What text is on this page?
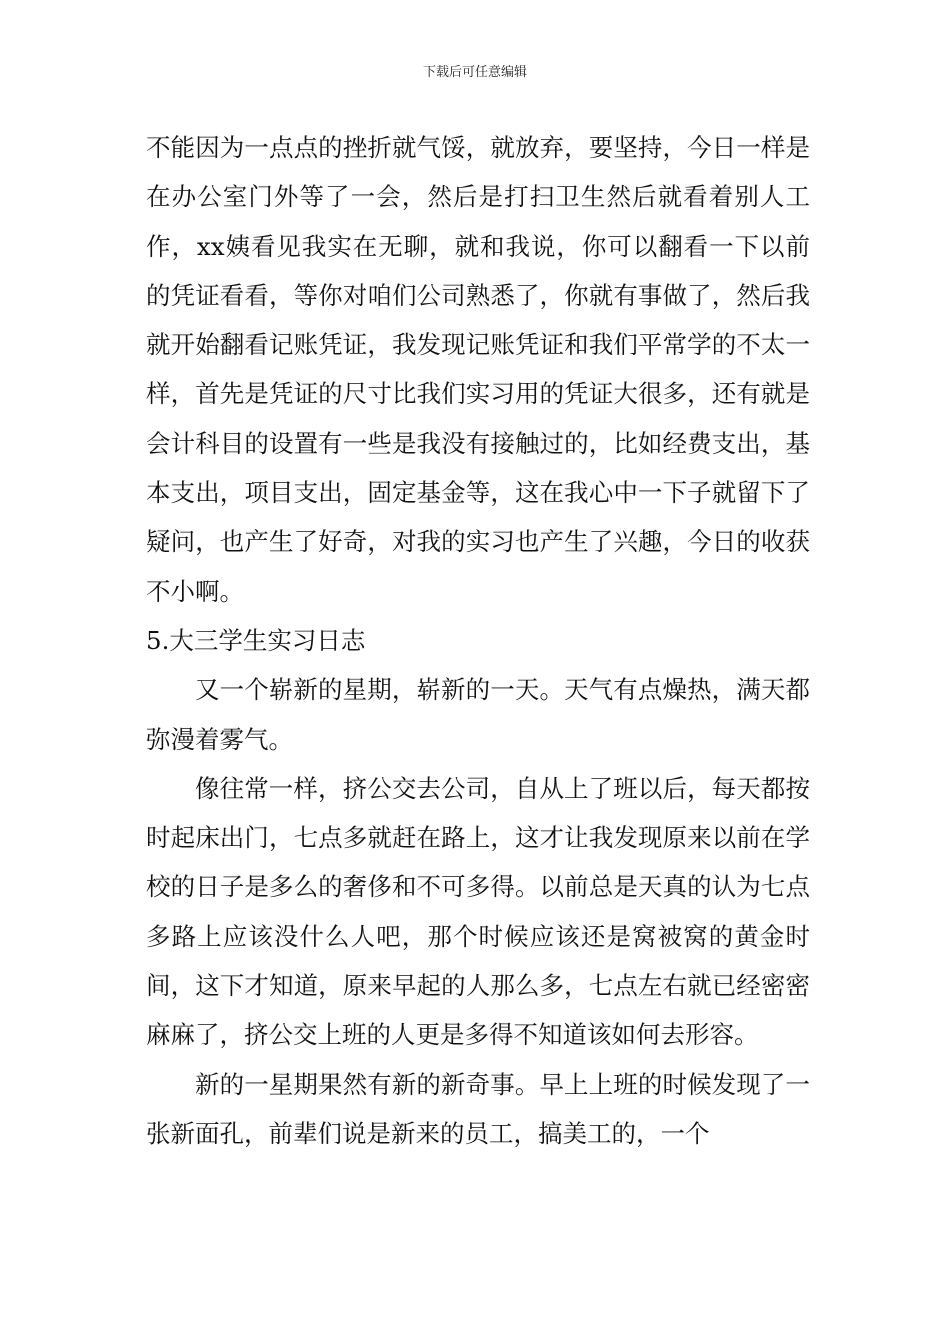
下载后可任意编辑

不能因为一点点的挫折就气馁，就放弃，要坚持，今日一样是在办公室门外等了一会，然后是打扫卫生然后就看着别人工作，xx姨看见我实在无聊，就和我说，你可以翻看一下以前的凭证看看，等你对咱们公司熟悉了，你就有事做了，然后我就开始翻看记账凭证，我发现记账凭证和我们平常学的不太一样，首先是凭证的尺寸比我们实习用的凭证大很多，还有就是会计科目的设置有一些是我没有接触过的，比如经费支出，基本支出，项目支出，固定基金等，这在我心中一下子就留下了疑问，也产生了好奇，对我的实习也产生了兴趣，今日的收获不小啊。

5.大三学生实习日志

又一个崭新的星期，崭新的一天。天气有点燥热，满天都弥漫着雾气。

像往常一样，挤公交去公司，自从上了班以后，每天都按时起床出门，七点多就赶在路上，这才让我发现原来以前在学校的日子是多么的奢侈和不可多得。以前总是天真的认为七点多路上应该没什么人吧，那个时候应该还是窝被窝的黄金时间，这下才知道，原来早起的人那么多，七点左右就已经密密麻麻了，挤公交上班的人更是多得不知道该如何去形容。

新的一星期果然有新的新奇事。早上上班的时候发现了一张新面孔，前辈们说是新来的员工，搞美工的，一个
